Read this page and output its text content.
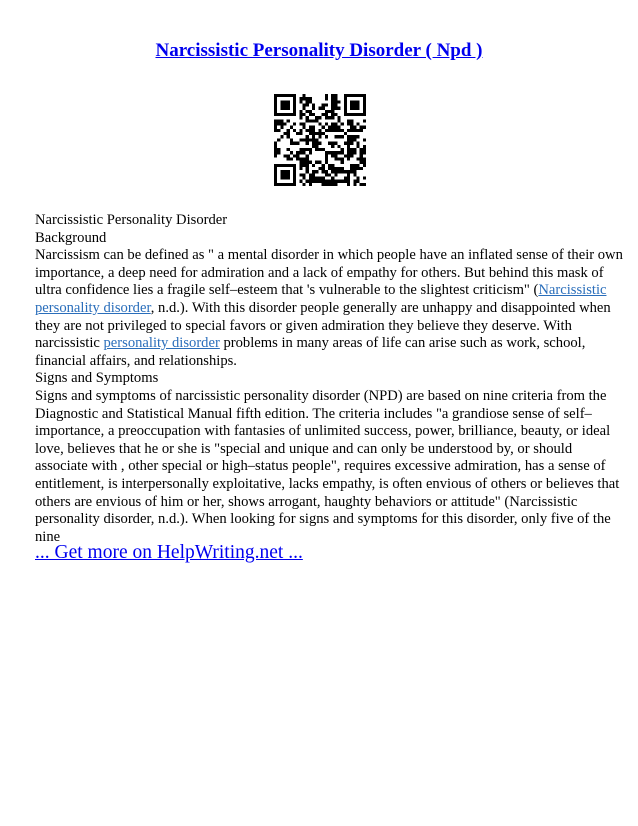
Narcissistic Personality Disorder ( Npd )
Narcissistic Personality Disorder
Background
Narcissism can be defined as " a mental disorder in which people have an inflated sense of their own
importance, a deep need for admiration and a lack of empathy for others. But behind this mask of
ultra confidence lies a fragile self–esteem that 's vulnerable to the slightest criticism" (Narcissistic
personality disorder, n.d.). With this disorder people generally are unhappy and disappointed when
they are not privileged to special favors or given admiration they believe they deserve. With
narcissistic personality disorder problems in many areas of life can arise such as work, school,
financial affairs, and relationships.
Signs and Symptoms
Signs and symptoms of narcissistic personality disorder (NPD) are based on nine criteria from the
Diagnostic and Statistical Manual fifth edition. The criteria includes "a grandiose sense of self–
importance, a preoccupation with fantasies of unlimited success, power, brilliance, beauty, or ideal
love, believes that he or she is "special and unique and can only be understood by, or should
associate with , other special or high–status people", requires excessive admiration, has a sense of
entitlement, is interpersonally exploitative, lacks empathy, is often envious of others or believes that
others are envious of him or her, shows arrogant, haughty behaviors or attitude" (Narcissistic
personality disorder, n.d.). When looking for signs and symptoms for this disorder, only five of the
nine
... Get more on HelpWriting.net ...
